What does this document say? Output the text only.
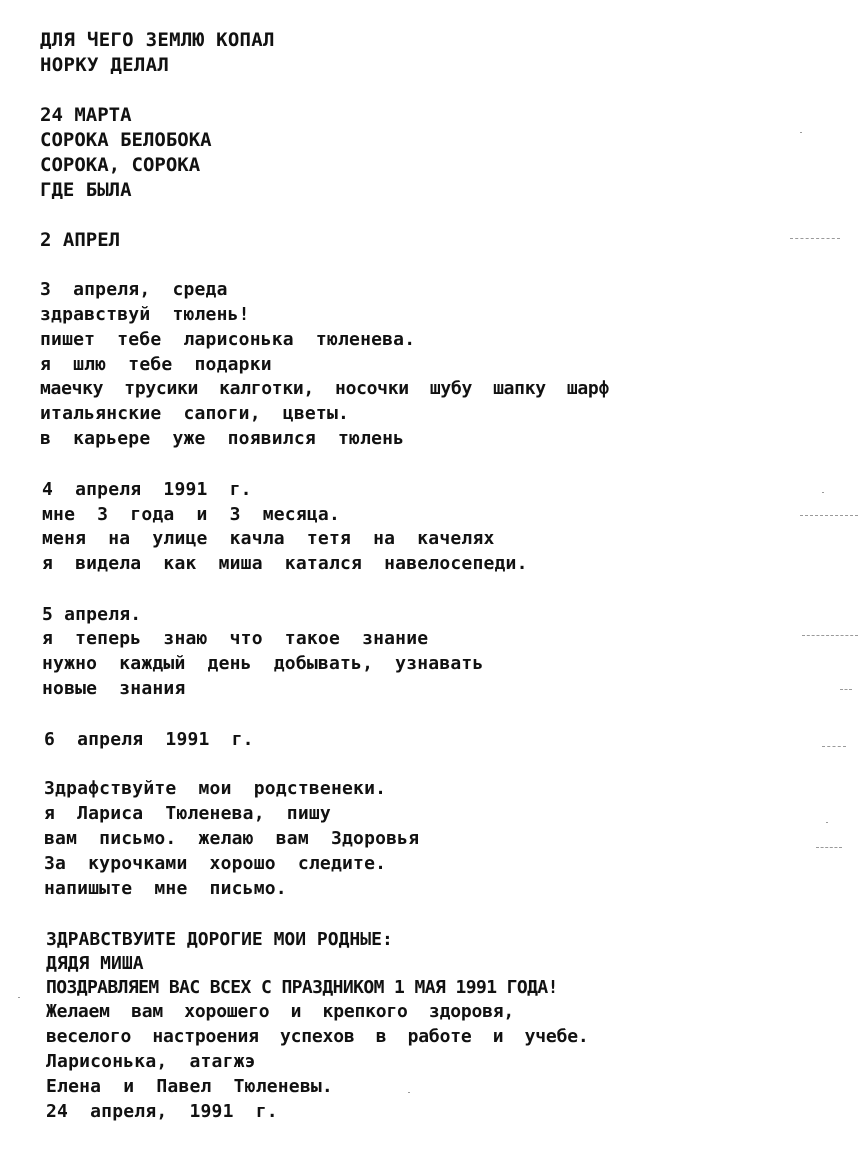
ДЛЯ ЧЕГО ЗЕМЛЮ КОПАЛ
НОРКУ ДЕЛАЛ
24 МАРТА
СОРОКА БЕЛОБОКА
СОРОКА, СОРОКА
ГДЕ БЫЛА
2 АПРЕЛ
3  апреля,  среда
здравствуй  тюлень!
пишет  тебе  ларисонька  тюленева.
я  шлю  тебе  подарки
маечку  трусики  калготки,  носочки  шубу  шапку  шарф
итальянские  сапоги,  цветы.
в  карьере  уже  появился  тюлень
4  апреля  1991  г.
мне  3  года  и  3  месяца.
меня  на  улице  качла  тетя  на  качелях
я  видела  как  миша  катался  навелосепеди.
5 апреля.
я  теперь  знаю  что  такое  знание
нужно  каждый  день  добывать,  узнавать
новые  знания
6  апреля  1991  г.
Здрафствуйте  мои  родственеки.
я  Лариса  Тюленева,  пишу
вам  письмо.  желаю  вам  Здоровья
За  курочками  хорошо  следите.
напишыте  мне  письмо.
ЗДРАВСТВУИТЕ ДОРОГИЕ МОИ РОДНЫЕ:
ДЯДЯ МИША
ПОЗДРАВЛЯЕМ ВАС ВСЕХ С ПРАЗДНИКОМ 1 МАЯ 1991 ГОДА!
Желаем  вам  хорошего  и  крепкого  здоровя,
веселого  настроения  успехов  в  работе  и  учебе.
Ларисонька,  атагжэ
Елена  и  Павел  Тюленевы.
24  апреля,  1991  г.
